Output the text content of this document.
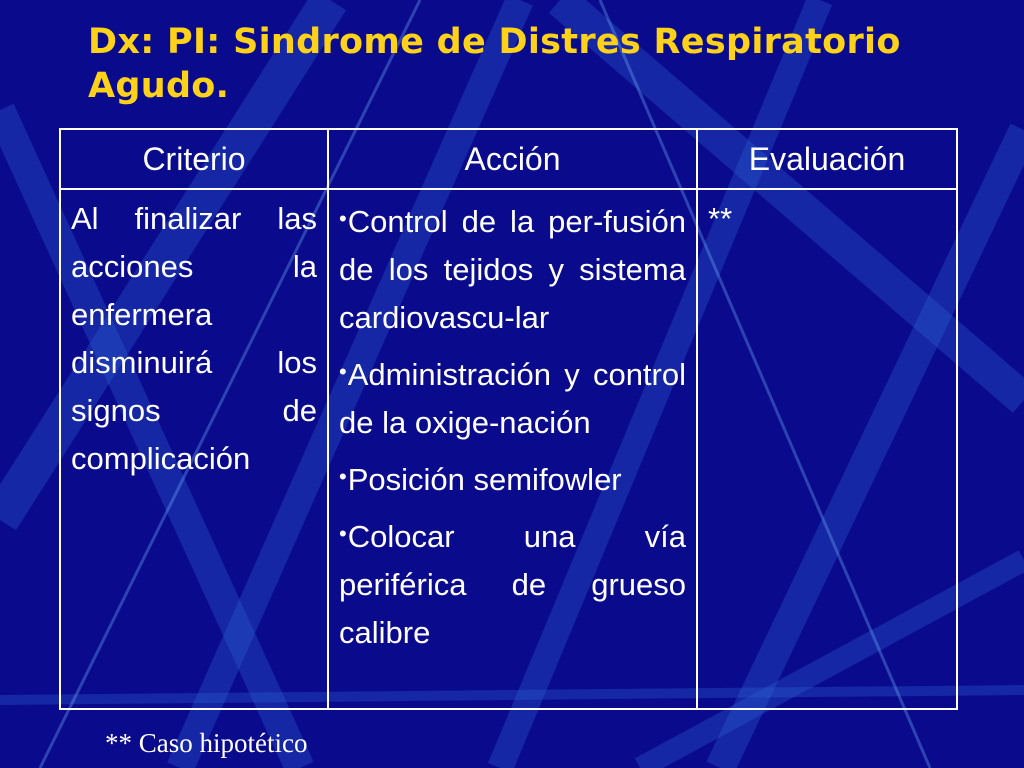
Dx: PI: Sindrome de Distres Respiratorio Agudo.
Criterio	Acción	Evaluación
Al finalizar las acciones la enfermera disminuirá los signos de complicación	•Control de la per-fusión de los tejidos y sistema cardiovascu-lar
•Administración y control de la oxige-nación
•Posición semifowler
•Colocar una vía periférica de grueso calibre	**
** Caso hipotético
